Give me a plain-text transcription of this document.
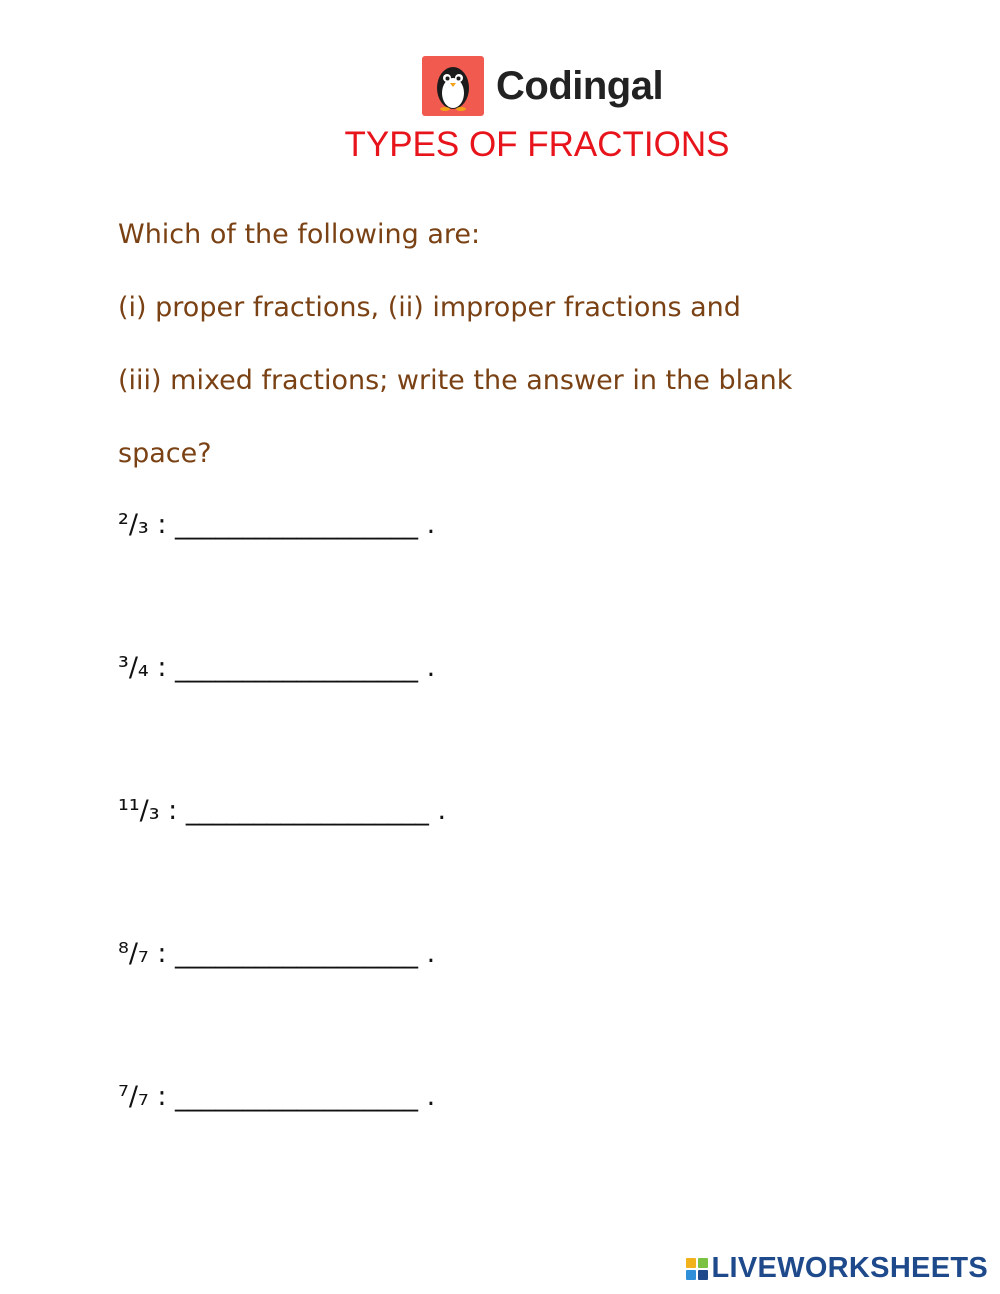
Codingal
TYPES OF FRACTIONS

Which of the following are:

(i) proper fractions, (ii) improper fractions and

(iii) mixed fractions; write the answer in the blank

space?

²/₃ : __________________ .
³/₄ : __________________ .
¹¹/₃ : __________________ .
⁸/₇ : __________________ .
⁷/₇ : __________________ .
LIVEWORKSHEETS
